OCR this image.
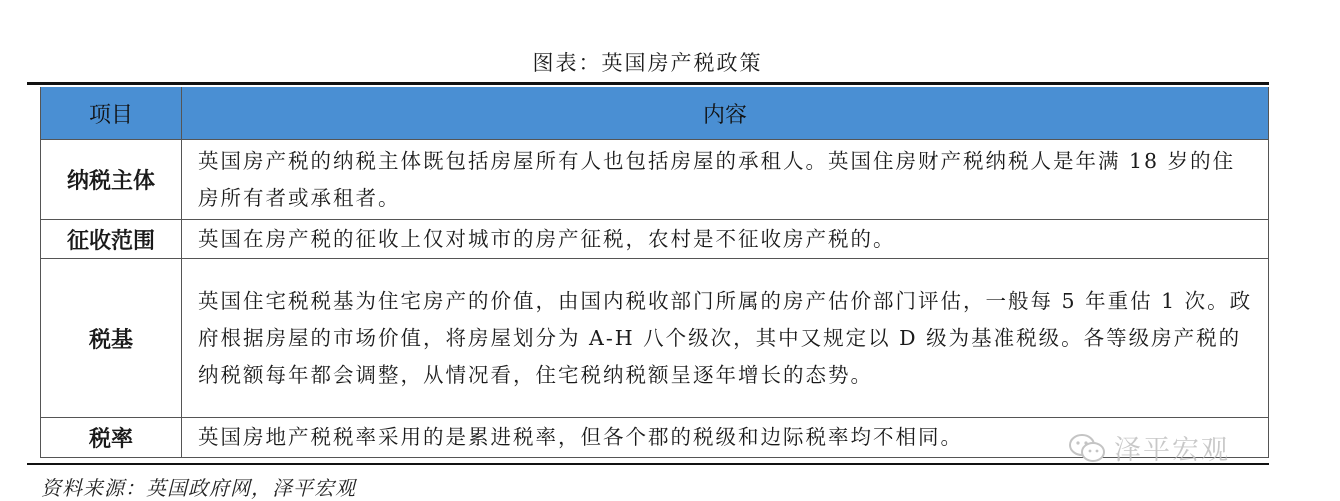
图表：英国房产税政策
项目	内容
纳税主体	英国房产税的纳税主体既包括房屋所有人也包括房屋的承租人。英国住房财产税纳税人是年满 18 岁的住房所有者或承租者。
征收范围	英国在房产税的征收上仅对城市的房产征税，农村是不征收房产税的。
税基	英国住宅税税基为住宅房产的价值，由国内税收部门所属的房产估价部门评估，一般每 5 年重估 1 次。政府根据房屋的市场价值，将房屋划分为 A-H 八个级次，其中又规定以 D 级为基准税级。各等级房产税的纳税额每年都会调整，从情况看，住宅税纳税额呈逐年增长的态势。
税率	英国房地产税税率采用的是累进税率，但各个郡的税级和边际税率均不相同。
资料来源：英国政府网，泽平宏观
泽平宏观
